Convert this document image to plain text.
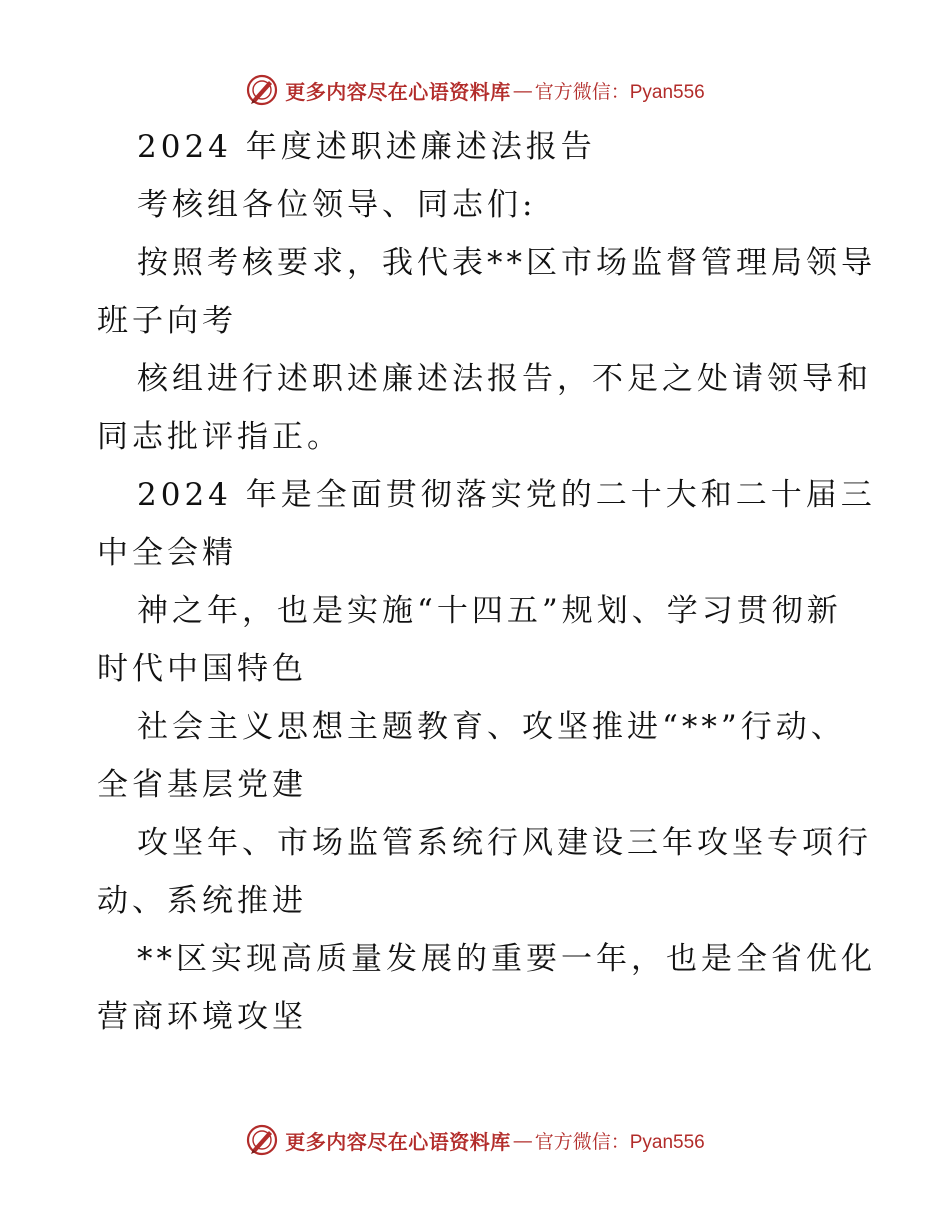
更多内容尽在心语资料库 — 官方微信：Pyan556
2024 年度述职述廉述法报告
考核组各位领导、同志们:
按照考核要求，我代表**区市场监督管理局领导
班子向考
核组进行述职述廉述法报告，不足之处请领导和
同志批评指正。
2024 年是全面贯彻落实党的二十大和二十届三
中全会精
神之年，也是实施“十四五”规划、学习贯彻新
时代中国特色
社会主义思想主题教育、攻坚推进“**”行动、
全省基层党建
攻坚年、市场监管系统行风建设三年攻坚专项行
动、系统推进
**区实现高质量发展的重要一年，也是全省优化
营商环境攻坚
更多内容尽在心语资料库 — 官方微信：Pyan556
